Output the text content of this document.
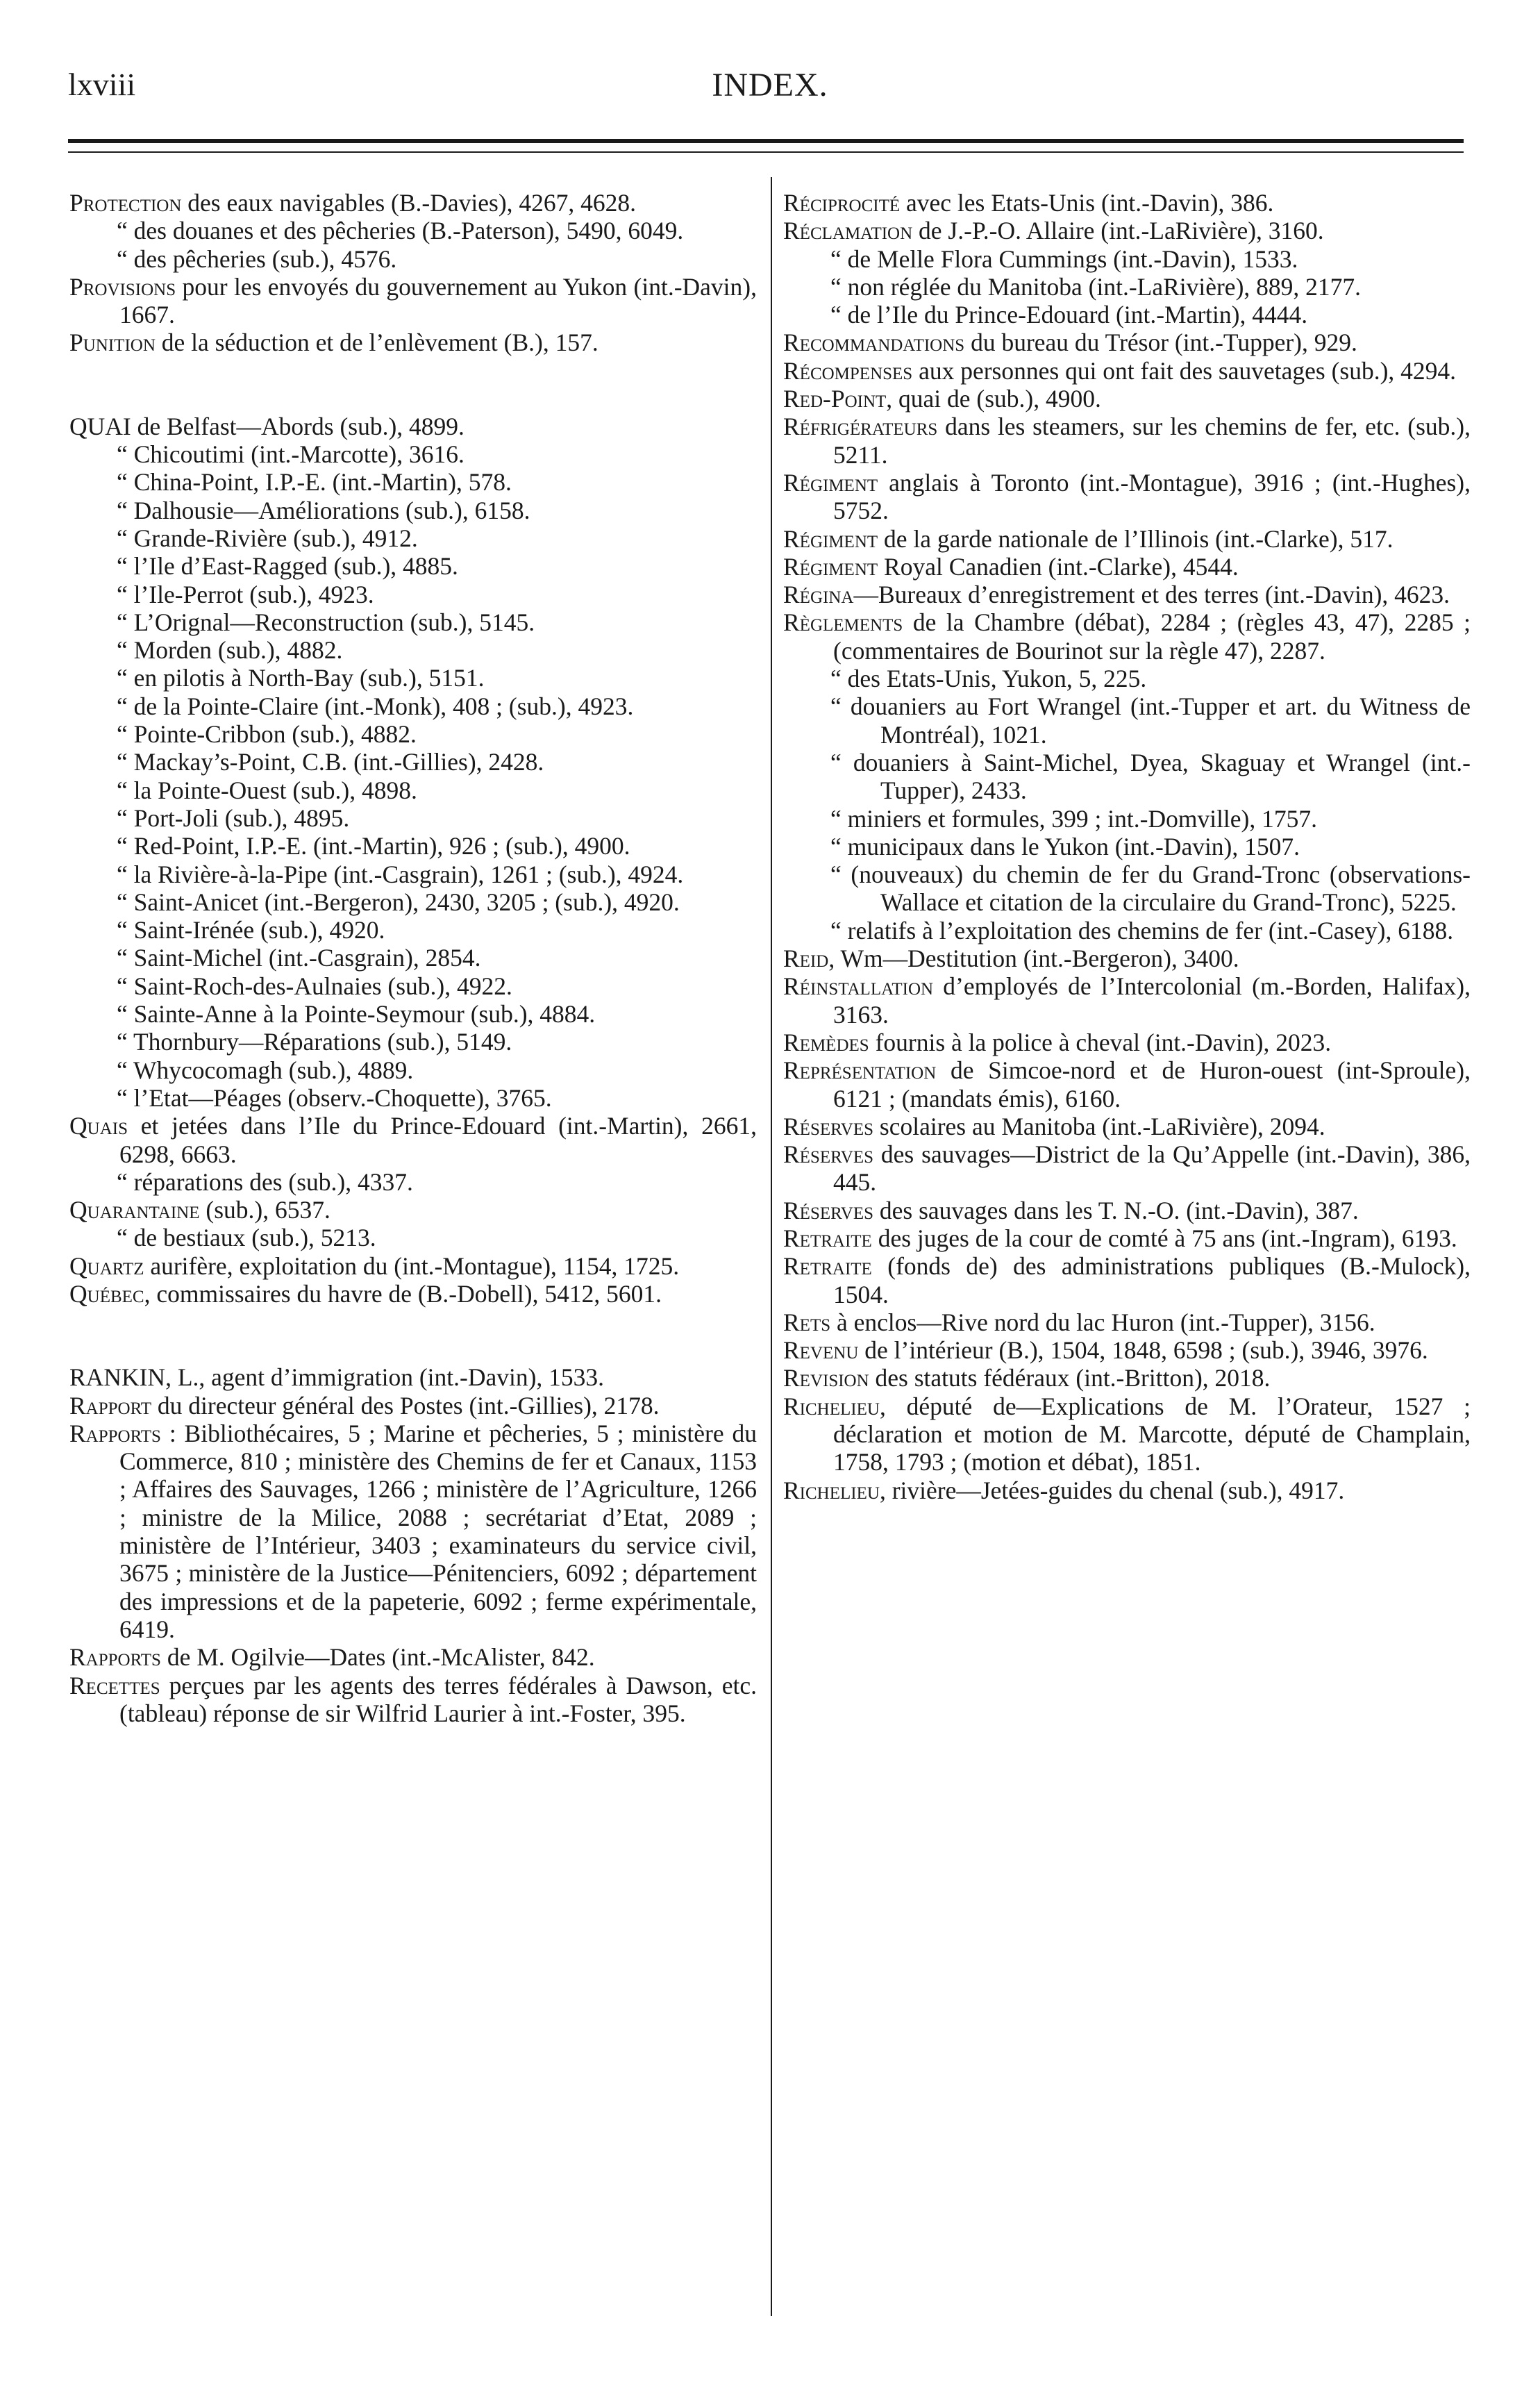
lxviii	INDEX.
Protection des eaux navigables (B.-Davies), 4267, 4628.
“ des douanes et des pêcheries (B.-Paterson), 5490, 6049.
“ des pêcheries (sub.), 4576.
Provisions pour les envoyés du gouvernement au Yukon (int.-Davin), 1667.
Punition de la séduction et de l’enlèvement (B.), 157.
QUAI de Belfast—Abords (sub.), 4899.
“ Chicoutimi (int.-Marcotte), 3616.
“ China-Point, I.P.-E. (int.-Martin), 578.
“ Dalhousie—Améliorations (sub.), 6158.
“ Grande-Rivière (sub.), 4912.
“ l’Ile d’East-Ragged (sub.), 4885.
“ l’Ile-Perrot (sub.), 4923.
“ L’Orignal—Reconstruction (sub.), 5145.
“ Morden (sub.), 4882.
“ en pilotis à North-Bay (sub.), 5151.
“ de la Pointe-Claire (int.-Monk), 408 ; (sub.), 4923.
“ Pointe-Cribbon (sub.), 4882.
“ Mackay’s-Point, C.B. (int.-Gillies), 2428.
“ la Pointe-Ouest (sub.), 4898.
“ Port-Joli (sub.), 4895.
“ Red-Point, I.P.-E. (int.-Martin), 926 ; (sub.), 4900.
“ la Rivière-à-la-Pipe (int.-Casgrain), 1261 ; (sub.), 4924.
“ Saint-Anicet (int.-Bergeron), 2430, 3205 ; (sub.), 4920.
“ Saint-Irénée (sub.), 4920.
“ Saint-Michel (int.-Casgrain), 2854.
“ Saint-Roch-des-Aulnaies (sub.), 4922.
“ Sainte-Anne à la Pointe-Seymour (sub.), 4884.
“ Thornbury—Réparations (sub.), 5149.
“ Whycocomagh (sub.), 4889.
“ l’Etat—Péages (observ.-Choquette), 3765.
Quais et jetées dans l’Ile du Prince-Edouard (int.-Martin), 2661, 6298, 6663.
“ réparations des (sub.), 4337.
Quarantaine (sub.), 6537.
“ de bestiaux (sub.), 5213.
Quartz aurifère, exploitation du (int.-Montague), 1154, 1725.
Québec, commissaires du havre de (B.-Dobell), 5412, 5601.
RANKIN, L., agent d’immigration (int.-Davin), 1533.
Rapport du directeur général des Postes (int.-Gillies), 2178.
Rapports : Bibliothécaires, 5 ; Marine et pêcheries, 5 ; ministère du Commerce, 810 ; ministère des Chemins de fer et Canaux, 1153 ; Affaires des Sauvages, 1266 ; ministère de l’Agriculture, 1266 ; ministre de la Milice, 2088 ; secrétariat d’Etat, 2089 ; ministère de l’Intérieur, 3403 ; examinateurs du service civil, 3675 ; ministère de la Justice—Pénitenciers, 6092 ; département des impressions et de la papeterie, 6092 ; ferme expérimentale, 6419.
Rapports de M. Ogilvie—Dates (int.-McAlister, 842.
Recettes perçues par les agents des terres fédérales à Dawson, etc. (tableau) réponse de sir Wilfrid Laurier à int.-Foster, 395.
Réciprocité avec les Etats-Unis (int.-Davin), 386.
Réclamation de J.-P.-O. Allaire (int.-LaRivière), 3160.
“ de Melle Flora Cummings (int.-Davin), 1533.
“ non réglée du Manitoba (int.-LaRivière), 889, 2177.
“ de l’Ile du Prince-Edouard (int.-Martin), 4444.
Recommandations du bureau du Trésor (int.-Tupper), 929.
Récompenses aux personnes qui ont fait des sauvetages (sub.), 4294.
Red-Point, quai de (sub.), 4900.
Réfrigérateurs dans les steamers, sur les chemins de fer, etc. (sub.), 5211.
Régiment anglais à Toronto (int.-Montague), 3916 ; (int.-Hughes), 5752.
Régiment de la garde nationale de l’Illinois (int.-Clarke), 517.
Régiment Royal Canadien (int.-Clarke), 4544.
Régina—Bureaux d’enregistrement et des terres (int.-Davin), 4623.
Règlements de la Chambre (débat), 2284 ; (règles 43, 47), 2285 ; (commentaires de Bourinot sur la règle 47), 2287.
“ des Etats-Unis, Yukon, 5, 225.
“ douaniers au Fort Wrangel (int.-Tupper et art. du Witness de Montréal), 1021.
“ douaniers à Saint-Michel, Dyea, Skaguay et Wrangel (int.-Tupper), 2433.
“ miniers et formules, 399 ; int.-Domville), 1757.
“ municipaux dans le Yukon (int.-Davin), 1507.
“ (nouveaux) du chemin de fer du Grand-Tronc (observations-Wallace et citation de la circulaire du Grand-Tronc), 5225.
“ relatifs à l’exploitation des chemins de fer (int.-Casey), 6188.
Reid, Wm—Destitution (int.-Bergeron), 3400.
Réinstallation d’employés de l’Intercolonial (m.-Borden, Halifax), 3163.
Remèdes fournis à la police à cheval (int.-Davin), 2023.
Représentation de Simcoe-nord et de Huron-ouest (int-Sproule), 6121 ; (mandats émis), 6160.
Réserves scolaires au Manitoba (int.-LaRivière), 2094.
Réserves des sauvages—District de la Qu’Appelle (int.-Davin), 386, 445.
Réserves des sauvages dans les T. N.-O. (int.-Davin), 387.
Retraite des juges de la cour de comté à 75 ans (int.-Ingram), 6193.
Retraite (fonds de) des administrations publiques (B.-Mulock), 1504.
Rets à enclos—Rive nord du lac Huron (int.-Tupper), 3156.
Revenu de l’intérieur (B.), 1504, 1848, 6598 ; (sub.), 3946, 3976.
Revision des statuts fédéraux (int.-Britton), 2018.
Richelieu, député de—Explications de M. l’Orateur, 1527 ; déclaration et motion de M. Marcotte, député de Champlain, 1758, 1793 ; (motion et débat), 1851.
Richelieu, rivière—Jetées-guides du chenal (sub.), 4917.
